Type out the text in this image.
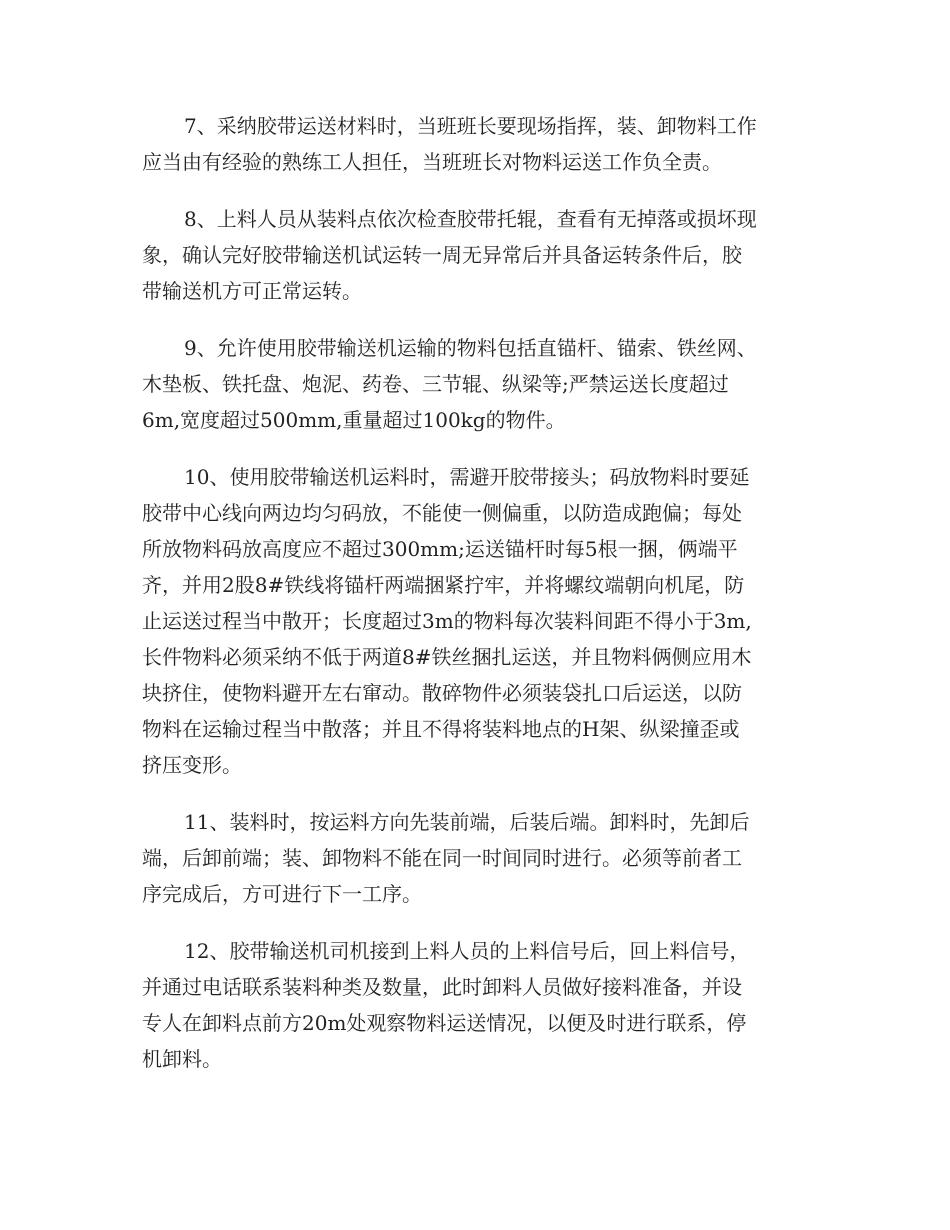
7、采纳胶带运送材料时，当班班长要现场指挥，装、卸物料工作
应当由有经验的熟练工人担任，当班班长对物料运送工作负全责。

8、上料人员从装料点依次检查胶带托辊，查看有无掉落或损坏现
象，确认完好胶带输送机试运转一周无异常后并具备运转条件后，胶
带输送机方可正常运转。

9、允许使用胶带输送机运输的物料包括直锚杆、锚索、铁丝网、
木垫板、铁托盘、炮泥、药卷、三节辊、纵梁等;严禁运送长度超过
6m,宽度超过500mm,重量超过100kg的物件。

10、使用胶带输送机运料时，需避开胶带接头；码放物料时要延
胶带中心线向两边均匀码放，不能使一侧偏重，以防造成跑偏；每处
所放物料码放高度应不超过300mm;运送锚杆时每5根一捆，俩端平
齐，并用2股8#铁线将锚杆两端捆紧拧牢，并将螺纹端朝向机尾，防
止运送过程当中散开；长度超过3m的物料每次装料间距不得小于3m,
长件物料必须采纳不低于两道8#铁丝捆扎运送，并且物料俩侧应用木
块挤住，使物料避开左右窜动。散碎物件必须装袋扎口后运送，以防
物料在运输过程当中散落；并且不得将装料地点的H架、纵梁撞歪或
挤压变形。

11、装料时，按运料方向先装前端，后装后端。卸料时，先卸后
端，后卸前端；装、卸物料不能在同一时间同时进行。必须等前者工
序完成后，方可进行下一工序。

12、胶带输送机司机接到上料人员的上料信号后，回上料信号，
并通过电话联系装料种类及数量，此时卸料人员做好接料准备，并设
专人在卸料点前方20m处观察物料运送情况，以便及时进行联系，停
机卸料。
